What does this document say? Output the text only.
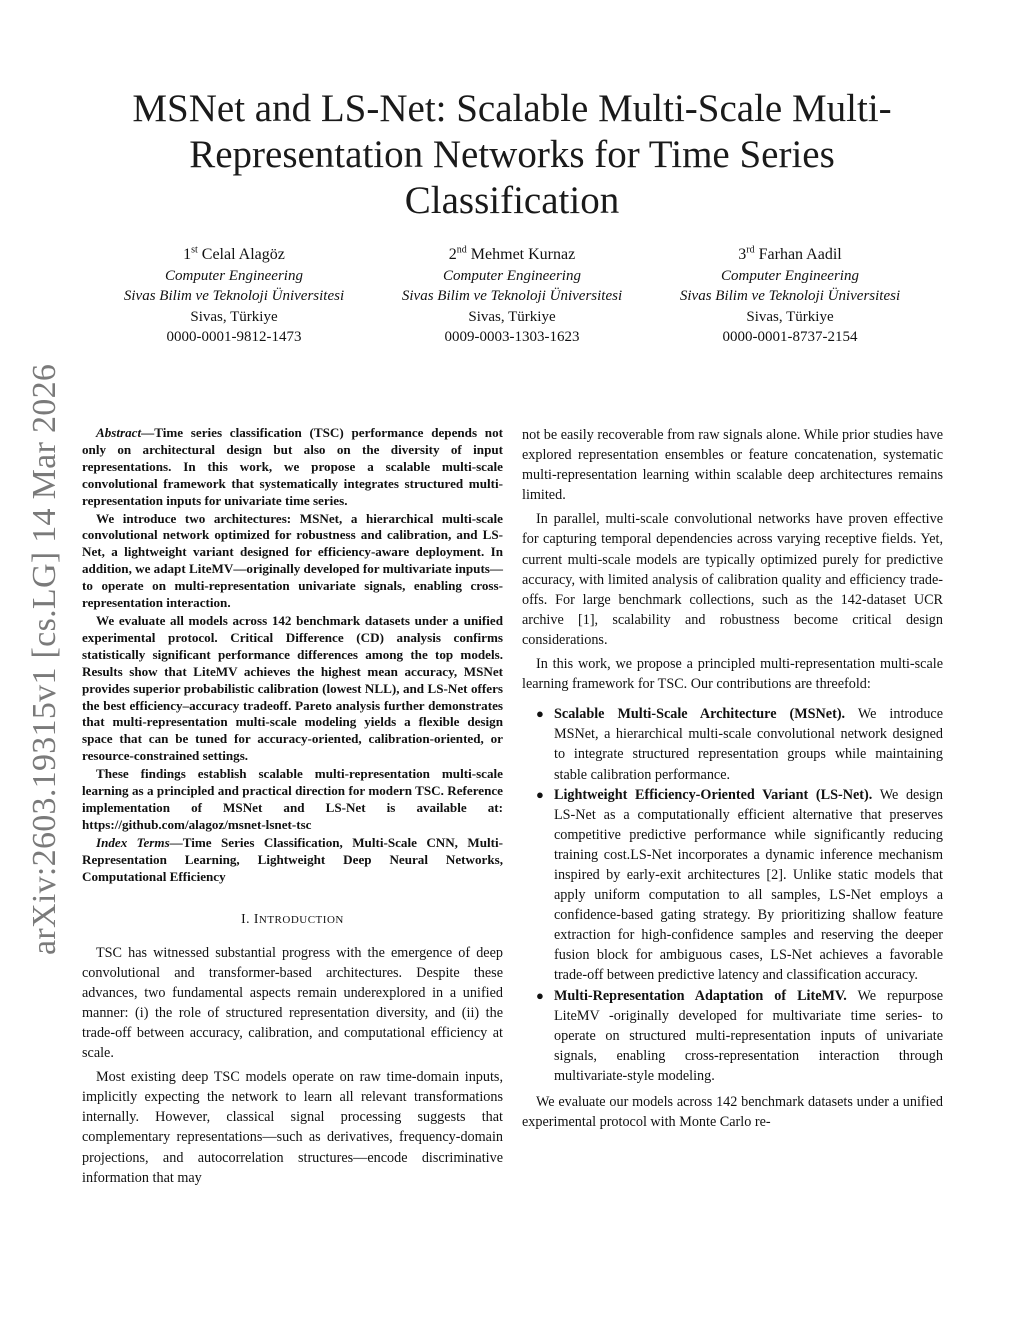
MSNet and LS-Net: Scalable Multi-Scale Multi-Representation Networks for Time Series Classification
1st Celal Alagöz
Computer Engineering
Sivas Bilim ve Teknoloji Üniversitesi
Sivas, Türkiye
0000-0001-9812-1473
2nd Mehmet Kurnaz
Computer Engineering
Sivas Bilim ve Teknoloji Üniversitesi
Sivas, Türkiye
0009-0003-1303-1623
3rd Farhan Aadil
Computer Engineering
Sivas Bilim ve Teknoloji Üniversitesi
Sivas, Türkiye
0000-0001-8737-2154
arXiv:2603.19315v1 [cs.LG] 14 Mar 2026	Abstract—Time series classification (TSC) performance depends not only on architectural design but also on the diversity of input representations. In this work, we propose a scalable multi-scale convolutional framework that systematically integrates structured multi-representation inputs for univariate time series.

We introduce two architectures: MSNet, a hierarchical multi-scale convolutional network optimized for robustness and calibration, and LS-Net, a lightweight variant designed for efficiency-aware deployment. In addition, we adapt LiteMV—originally developed for multivariate inputs—to operate on multi-representation univariate signals, enabling cross-representation interaction.

We evaluate all models across 142 benchmark datasets under a unified experimental protocol. Critical Difference (CD) analysis confirms statistically significant performance differences among the top models. Results show that LiteMV achieves the highest mean accuracy, MSNet provides superior probabilistic calibration (lowest NLL), and LS-Net offers the best efficiency–accuracy tradeoff. Pareto analysis further demonstrates that multi-representation multi-scale modeling yields a flexible design space that can be tuned for accuracy-oriented, calibration-oriented, or resource-constrained settings.

These findings establish scalable multi-representation multi-scale learning as a principled and practical direction for modern TSC. Reference implementation of MSNet and LS-Net is available at: https://github.com/alagoz/msnet-lsnet-tsc

Index Terms—Time Series Classification, Multi-Scale CNN, Multi-Representation Learning, Lightweight Deep Neural Networks, Computational Efficiency

I. INTRODUCTION

TSC has witnessed substantial progress with the emergence of deep convolutional and transformer-based architectures. Despite these advances, two fundamental aspects remain underexplored in a unified manner: (i) the role of structured representation diversity, and (ii) the trade-off between accuracy, calibration, and computational efficiency at scale.

Most existing deep TSC models operate on raw time-domain inputs, implicitly expecting the network to learn all relevant transformations internally. However, classical signal processing suggests that complementary representations—such as derivatives, frequency-domain projections, and autocorrelation structures—encode discriminative information that may

not be easily recoverable from raw signals alone. While prior studies have explored representation ensembles or feature concatenation, systematic multi-representation learning within scalable deep architectures remains limited.

In parallel, multi-scale convolutional networks have proven effective for capturing temporal dependencies across varying receptive fields. Yet, current multi-scale models are typically optimized purely for predictive accuracy, with limited analysis of calibration quality and efficiency trade-offs. For large benchmark collections, such as the 142-dataset UCR archive [1], scalability and robustness become critical design considerations.

In this work, we propose a principled multi-representation multi-scale learning framework for TSC. Our contributions are threefold:

● Scalable Multi-Scale Architecture (MSNet). We introduce MSNet, a hierarchical multi-scale convolutional network designed to integrate structured representation groups while maintaining stable calibration performance.
● Lightweight Efficiency-Oriented Variant (LS-Net). We design LS-Net as a computationally efficient alternative that preserves competitive predictive performance while significantly reducing training cost.LS-Net incorporates a dynamic inference mechanism inspired by early-exit architectures [2]. Unlike static models that apply uniform computation to all samples, LS-Net employs a confidence-based gating strategy. By prioritizing shallow feature extraction for high-confidence samples and reserving the deeper fusion block for ambiguous cases, LS-Net achieves a favorable trade-off between predictive latency and classification accuracy.
● Multi-Representation Adaptation of LiteMV. We repurpose LiteMV -originally developed for multivariate time series- to operate on structured multi-representation inputs of univariate signals, enabling cross-representation interaction through multivariate-style modeling.

We evaluate our models across 142 benchmark datasets under a unified experimental protocol with Monte Carlo re-
